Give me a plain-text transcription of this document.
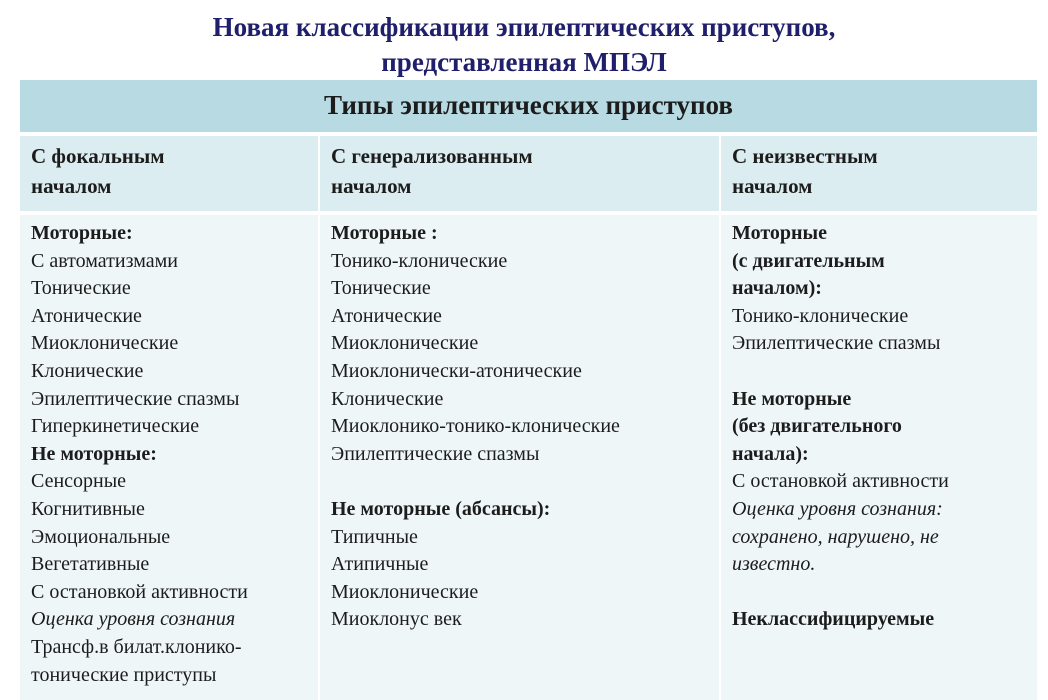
Новая классификации эпилептических приступов,
представленная МПЭЛ
Типы эпилептических приступов
С фокальным
началом
Моторные:
С автоматизмами
Тонические
Атонические
Миоклонические
Клонические
Эпилептические спазмы
Гиперкинетические
Не моторные:
Сенсорные
Когнитивные
Эмоциональные
Вегетативные
С остановкой активности
Оценка уровня сознания
Трансф.в билат.клонико-
тонические приступы
С генерализованным
началом
Моторные :
Тонико-клонические
Тонические
Атонические
Миоклонические
Миоклонически-атонические
Клонические
Миоклонико-тонико-клонические
Эпилептические спазмы
Не моторные (абсансы):
Типичные
Атипичные
Миоклонические
Миоклонус век
С неизвестным
началом
Моторные
(с двигательным
началом):
Тонико-клонические
Эпилептические спазмы
Не моторные
(без двигательного
начала):
С остановкой активности
Оценка уровня сознания:
сохранено, нарушено, не
известно.
Неклассифицируемые
